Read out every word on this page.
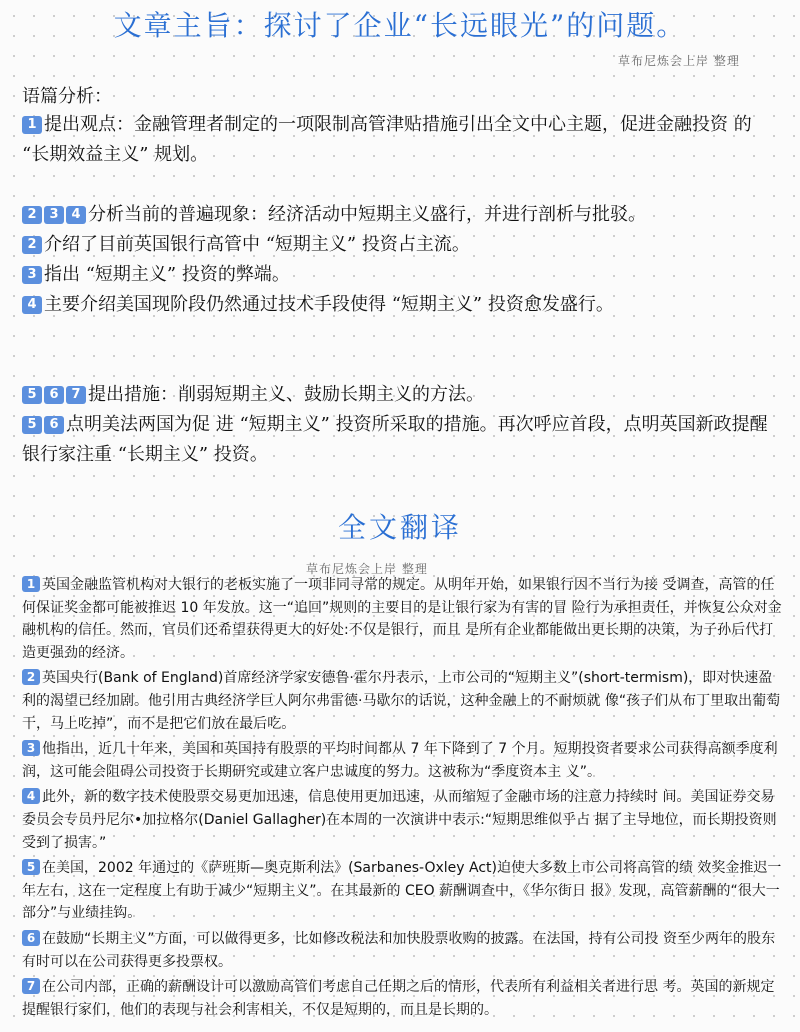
文章主旨：探讨了企业“长远眼光”的问题。
草布尼炼会上岸 整理

语篇分析：

1 提出观点：金融管理者制定的一项限制高管津贴措施引出全文中心主题，促进金融投资 的 “长期效益主义” 规划。

2 3 4 分析当前的普遍现象：经济活动中短期主义盛行，并进行剖析与批驳。

2 介绍了目前英国银行高管中 “短期主义” 投资占主流。

3 指出 “短期主义” 投资的弊端。

4 主要介绍美国现阶段仍然通过技术手段使得 “短期主义” 投资愈发盛行。

5 6 7 提出措施：削弱短期主义、鼓励长期主义的方法。

5 6 点明美法两国为促 进 “短期主义” 投资所采取的措施。再次呼应首段，点明英国新政提醒银行家注重 “长期主义” 投资。

全文翻译
草布尼炼会上岸 整理

1 英国金融监管机构对大银行的老板实施了一项非同寻常的规定。从明年开始，如果银行因不当行为接 受调查，高管的任何保证奖金都可能被推迟 10 年发放。这一“追回”规则的主要目的是让银行家为有害的冒 险行为承担责任，并恢复公众对金融机构的信任。然而，官员们还希望获得更大的好处:不仅是银行，而且 是所有企业都能做出更长期的决策，为子孙后代打造更强劲的经济。

2 英国央行(Bank of England)首席经济学家安德鲁·霍尔丹表示，上市公司的“短期主义”(short-termism)，即对快速盈利的渴望已经加剧。他引用古典经济学巨人阿尔弗雷德·马歇尔的话说，这种金融上的不耐烦就 像“孩子们从布丁里取出葡萄干，马上吃掉”，而不是把它们放在最后吃。

3 他指出，近几十年来，美国和英国持有股票的平均时间都从 7 年下降到了 7 个月。短期投资者要求公司获得高额季度利润，这可能会阻碍公司投资于长期研究或建立客户忠诚度的努力。这被称为“季度资本主 义”。

4 此外，新的数字技术使股票交易更加迅速，信息使用更加迅速，从而缩短了金融市场的注意力持续时 间。美国证券交易委员会专员丹尼尔•加拉格尔(Daniel Gallagher)在本周的一次演讲中表示:“短期思维似乎占 据了主导地位，而长期投资则受到了损害。”

5 在美国，2002 年通过的《萨班斯—奥克斯利法》(Sarbanes-Oxley Act)迫使大多数上市公司将高管的绩 效奖金推迟一年左右，这在一定程度上有助于减少“短期主义”。在其最新的 CEO 薪酬调查中，《华尔街日 报》发现，高管薪酬的“很大一部分”与业绩挂钩。

6 在鼓励“长期主义”方面，可以做得更多，比如修改税法和加快股票收购的披露。在法国，持有公司投 资至少两年的股东有时可以在公司获得更多投票权。

7 在公司内部，正确的薪酬设计可以激励高管们考虑自己任期之后的情形，代表所有利益相关者进行思 考。英国的新规定提醒银行家们，他们的表现与社会利害相关，不仅是短期的，而且是长期的。
